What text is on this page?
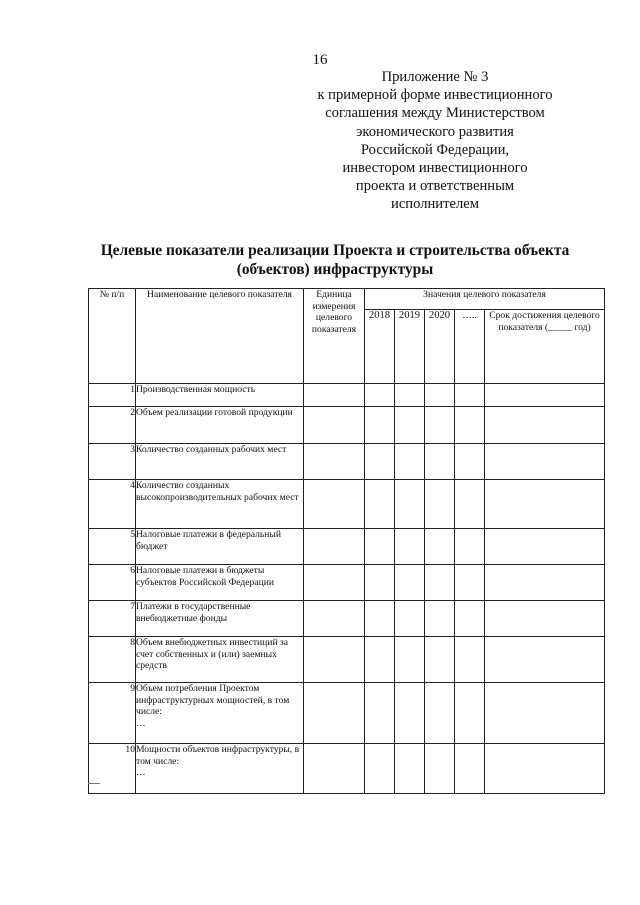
16
Приложение № 3
к примерной форме инвестиционного
соглашения между Министерством
экономического развития
Российской Федерации,
инвестором инвестиционного
проекта и ответственным
исполнителем
Целевые показатели реализации Проекта и строительства объекта
(объектов) инфраструктуры
№ п/п	Наименование целевого показателя	Единица измерения целевого показателя	Значения целевого показателя				
			2018	2019	2020	…..	Срок достижения целевого показателя (_____ год)
1	Производственная мощность						
2	Объем реализации готовой продукции						
3	Количество созданных рабочих мест						
4	Количество созданных высокопроизводительных рабочих мест						
5	Налоговые платежи в федеральный бюджет						
6	Налоговые платежи в бюджеты субъектов Российской Федерации						
7	Платежи в государственные внебюджетные фонды						
8	Объем внебюджетных инвестиций за счет собственных и (или) заемных средств						
9	Объем потребления Проектом инфраструктурных мощностей, в том числе:
…						
10	Мощности объектов инфраструктуры, в том числе:
…						
